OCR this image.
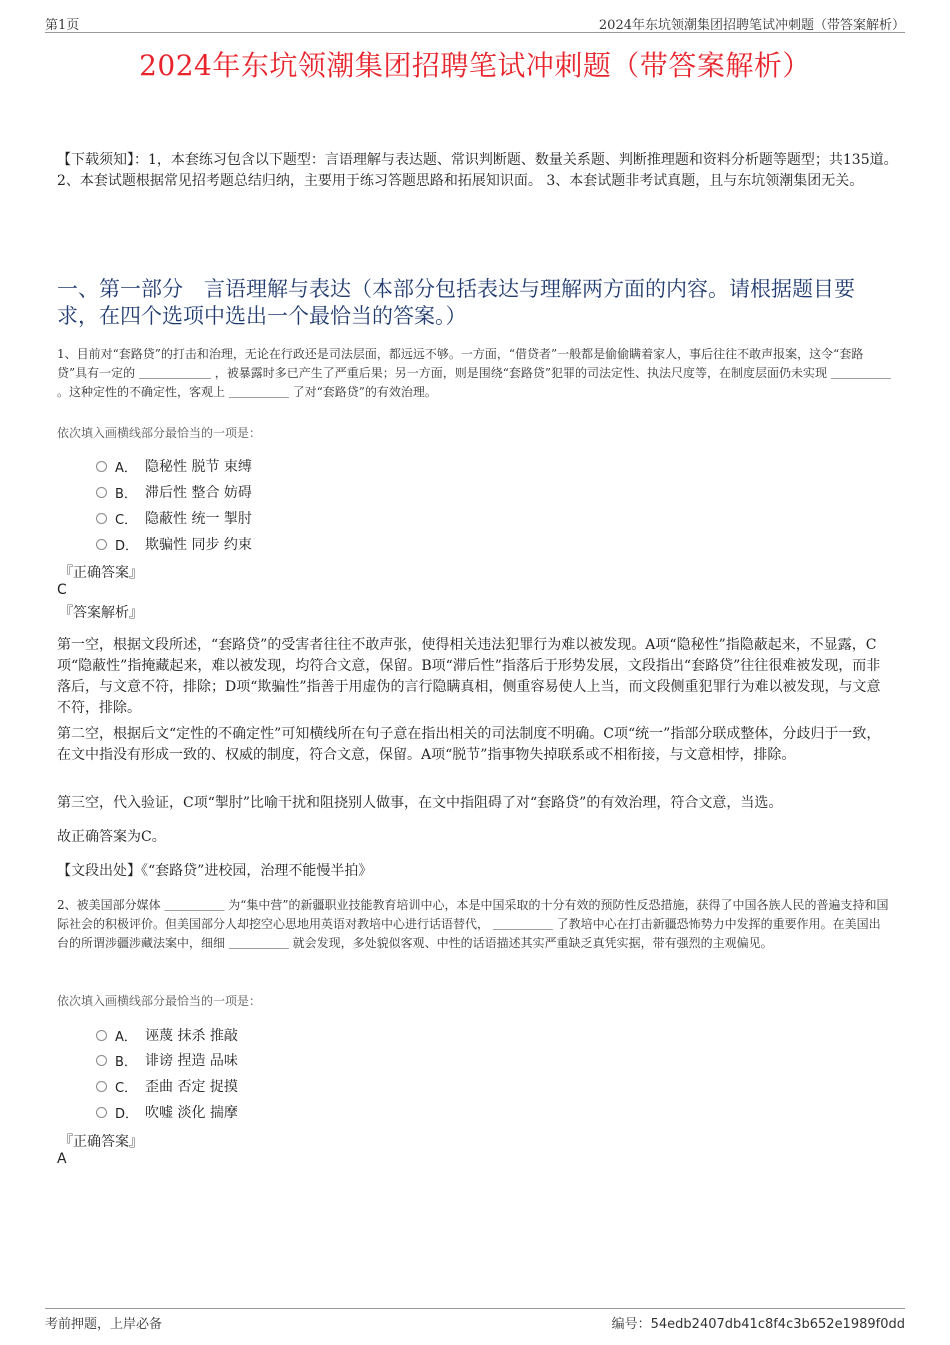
第1页	2024年东坑领潮集团招聘笔试冲刺题（带答案解析）
2024年东坑领潮集团招聘笔试冲刺题（带答案解析）
【下载须知】：1，本套练习包含以下题型：言语理解与表达题、常识判断题、数量关系题、判断推理题和资料分析题等题型；共135道。 2、本套试题根据常见招考题总结归纳，主要用于练习答题思路和拓展知识面。 3、本套试题非考试真题，且与东坑领潮集团无关。
一、第一部分　言语理解与表达（本部分包括表达与理解两方面的内容。请根据题目要求，在四个选项中选出一个最恰当的答案。）
1、目前对“套路贷”的打击和治理，无论在行政还是司法层面，都远远不够。一方面，“借贷者”一般都是偷偷瞒着家人，事后往往不敢声报案，这令“套路贷”具有一定的 ＿＿＿＿＿＿ ，被暴露时多已产生了严重后果；另一方面，则是围绕“套路贷”犯罪的司法定性、执法尺度等，在制度层面仍未实现 ＿＿＿＿＿ 。这种定性的不确定性，客观上 ＿＿＿＿＿ 了对“套路贷”的有效治理。
依次填入画横线部分最恰当的一项是：
A． 隐秘性 脱节 束缚
B． 滞后性 整合 妨碍
C． 隐蔽性 统一 掣肘
D． 欺骗性 同步 约束
『正确答案』
C
『答案解析』
第一空，根据文段所述，“套路贷”的受害者往往不敢声张，使得相关违法犯罪行为难以被发现。A项“隐秘性”指隐蔽起来，不显露，C项“隐蔽性”指掩藏起来，难以被发现，均符合文意，保留。B项“滞后性”指落后于形势发展，文段指出“套路贷”往往很难被发现，而非落后，与文意不符，排除；D项“欺骗性”指善于用虚伪的言行隐瞒真相，侧重容易使人上当，而文段侧重犯罪行为难以被发现，与文意不符，排除。
第二空，根据后文“定性的不确定性”可知横线所在句子意在指出相关的司法制度不明确。C项“统一”指部分联成整体，分歧归于一致，在文中指没有形成一致的、权威的制度，符合文意，保留。A项“脱节”指事物失掉联系或不相衔接，与文意相悖，排除。
第三空，代入验证，C项“掣肘”比喻干扰和阻挠别人做事，在文中指阻碍了对“套路贷”的有效治理，符合文意，当选。
故正确答案为C。
【文段出处】《“套路贷”进校园，治理不能慢半拍》
2、被美国部分媒体 ＿＿＿＿＿ 为“集中营”的新疆职业技能教育培训中心，本是中国采取的十分有效的预防性反恐措施，获得了中国各族人民的普遍支持和国际社会的积极评价。但美国部分人却挖空心思地用英语对教培中心进行话语替代， ＿＿＿＿＿ 了教培中心在打击新疆恐怖势力中发挥的重要作用。在美国出台的所谓涉疆涉藏法案中，细细 ＿＿＿＿＿ 就会发现，多处貌似客观、中性的话语描述其实严重缺乏真凭实据，带有强烈的主观偏见。
依次填入画横线部分最恰当的一项是：
A． 诬蔑 抹杀 推敲
B． 诽谤 捏造 品味
C． 歪曲 否定 捉摸
D． 吹嘘 淡化 揣摩
『正确答案』
A
考前押题，上岸必备	编号：54edb2407db41c8f4c3b652e1989f0dd
